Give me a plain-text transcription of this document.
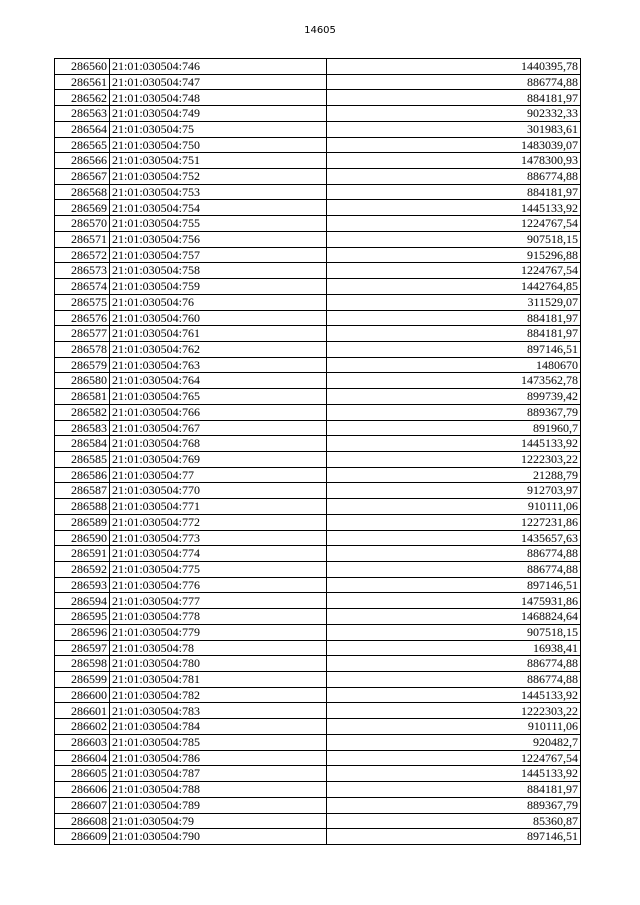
14605
286560	21:01:030504:746	1440395,78
286561	21:01:030504:747	886774,88
286562	21:01:030504:748	884181,97
286563	21:01:030504:749	902332,33
286564	21:01:030504:75	301983,61
286565	21:01:030504:750	1483039,07
286566	21:01:030504:751	1478300,93
286567	21:01:030504:752	886774,88
286568	21:01:030504:753	884181,97
286569	21:01:030504:754	1445133,92
286570	21:01:030504:755	1224767,54
286571	21:01:030504:756	907518,15
286572	21:01:030504:757	915296,88
286573	21:01:030504:758	1224767,54
286574	21:01:030504:759	1442764,85
286575	21:01:030504:76	311529,07
286576	21:01:030504:760	884181,97
286577	21:01:030504:761	884181,97
286578	21:01:030504:762	897146,51
286579	21:01:030504:763	1480670
286580	21:01:030504:764	1473562,78
286581	21:01:030504:765	899739,42
286582	21:01:030504:766	889367,79
286583	21:01:030504:767	891960,7
286584	21:01:030504:768	1445133,92
286585	21:01:030504:769	1222303,22
286586	21:01:030504:77	21288,79
286587	21:01:030504:770	912703,97
286588	21:01:030504:771	910111,06
286589	21:01:030504:772	1227231,86
286590	21:01:030504:773	1435657,63
286591	21:01:030504:774	886774,88
286592	21:01:030504:775	886774,88
286593	21:01:030504:776	897146,51
286594	21:01:030504:777	1475931,86
286595	21:01:030504:778	1468824,64
286596	21:01:030504:779	907518,15
286597	21:01:030504:78	16938,41
286598	21:01:030504:780	886774,88
286599	21:01:030504:781	886774,88
286600	21:01:030504:782	1445133,92
286601	21:01:030504:783	1222303,22
286602	21:01:030504:784	910111,06
286603	21:01:030504:785	920482,7
286604	21:01:030504:786	1224767,54
286605	21:01:030504:787	1445133,92
286606	21:01:030504:788	884181,97
286607	21:01:030504:789	889367,79
286608	21:01:030504:79	85360,87
286609	21:01:030504:790	897146,51
